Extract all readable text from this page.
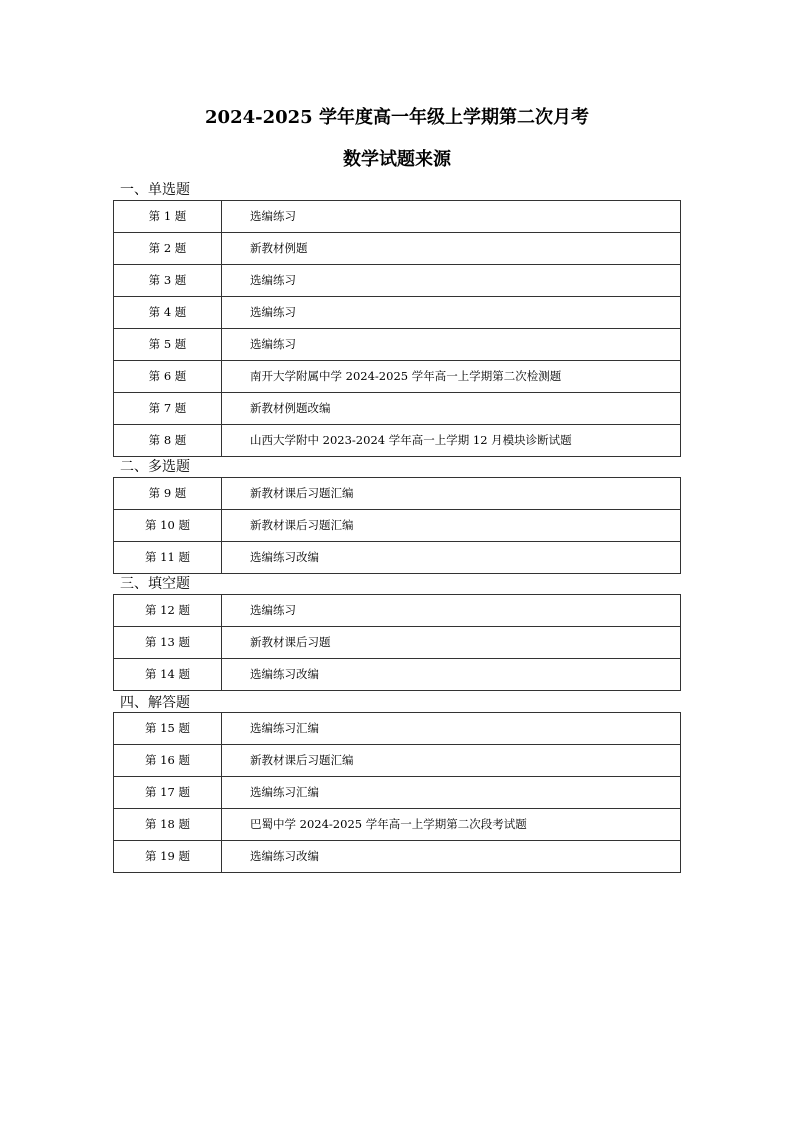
2024-2025 学年度高一年级上学期第二次月考
数学试题来源
一、单选题
第 1 题	选编练习
第 2 题	新教材例题
第 3 题	选编练习
第 4 题	选编练习
第 5 题	选编练习
第 6 题	南开大学附属中学 2024-2025 学年高一上学期第二次检测题
第 7 题	新教材例题改编
第 8 题	山西大学附中 2023-2024 学年高一上学期 12 月模块诊断试题
二、多选题
第 9 题	新教材课后习题汇编
第 10 题	新教材课后习题汇编
第 11 题	选编练习改编
三、填空题
第 12 题	选编练习
第 13 题	新教材课后习题
第 14 题	选编练习改编
四、解答题
第 15 题	选编练习汇编
第 16 题	新教材课后习题汇编
第 17 题	选编练习汇编
第 18 题	巴蜀中学 2024-2025 学年高一上学期第二次段考试题
第 19 题	选编练习改编
